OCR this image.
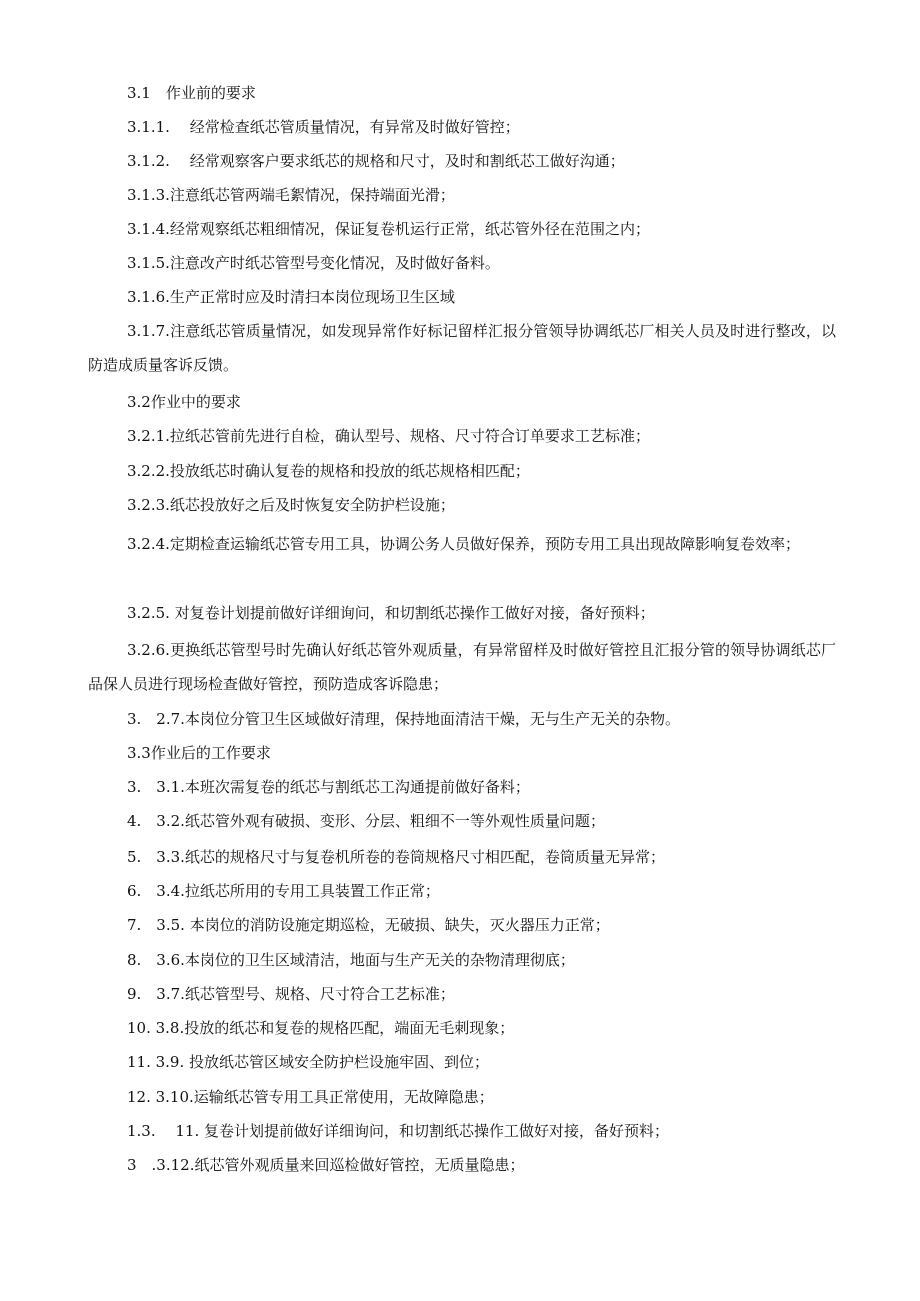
3.1　作业前的要求
3.1.1.　 经常检查纸芯管质量情况，有异常及时做好管控；
3.1.2.　 经常观察客户要求纸芯的规格和尺寸，及时和割纸芯工做好沟通；
3.1.3.注意纸芯管两端毛絮情况，保持端面光滑；
3.1.4.经常观察纸芯粗细情况，保证复卷机运行正常，纸芯管外径在范围之内；
3.1.5.注意改产时纸芯管型号变化情况，及时做好备料。
3.1.6.生产正常时应及时清扫本岗位现场卫生区域
3.1.7.注意纸芯管质量情况，如发现异常作好标记留样汇报分管领导协调纸芯厂相关人员及时进行整改，以防造成质量客诉反馈。
3.2作业中的要求
3.2.1.拉纸芯管前先进行自检，确认型号、规格、尺寸符合订单要求工艺标准；
3.2.2.投放纸芯时确认复卷的规格和投放的纸芯规格相匹配；
3.2.3.纸芯投放好之后及时恢复安全防护栏设施；
3.2.4.定期检查运输纸芯管专用工具，协调公务人员做好保养，预防专用工具出现故障影响复卷效率；
3.2.5. 对复卷计划提前做好详细询问，和切割纸芯操作工做好对接，备好预料；
3.2.6.更换纸芯管型号时先确认好纸芯管外观质量，有异常留样及时做好管控且汇报分管的领导协调纸芯厂品保人员进行现场检查做好管控，预防造成客诉隐患；
3.　2.7.本岗位分管卫生区域做好清理，保持地面清洁干燥，无与生产无关的杂物。
3.3作业后的工作要求
3.　3.1.本班次需复卷的纸芯与割纸芯工沟通提前做好备料；
4.　3.2.纸芯管外观有破损、变形、分层、粗细不一等外观性质量问题；
5.　3.3.纸芯的规格尺寸与复卷机所卷的卷筒规格尺寸相匹配，卷筒质量无异常；
6.　3.4.拉纸芯所用的专用工具装置工作正常；
7.　3.5. 本岗位的消防设施定期巡检，无破损、缺失，灭火器压力正常；
8.　3.6.本岗位的卫生区域清洁，地面与生产无关的杂物清理彻底；
9.　3.7.纸芯管型号、规格、尺寸符合工艺标准；
10. 3.8.投放的纸芯和复卷的规格匹配，端面无毛刺现象；
11. 3.9. 投放纸芯管区域安全防护栏设施牢固、到位；
12. 3.10.运输纸芯管专用工具正常使用，无故障隐患；
1.3.　 11. 复卷计划提前做好详细询问，和切割纸芯操作工做好对接，备好预料；
3　.3.12.纸芯管外观质量来回巡检做好管控，无质量隐患；
